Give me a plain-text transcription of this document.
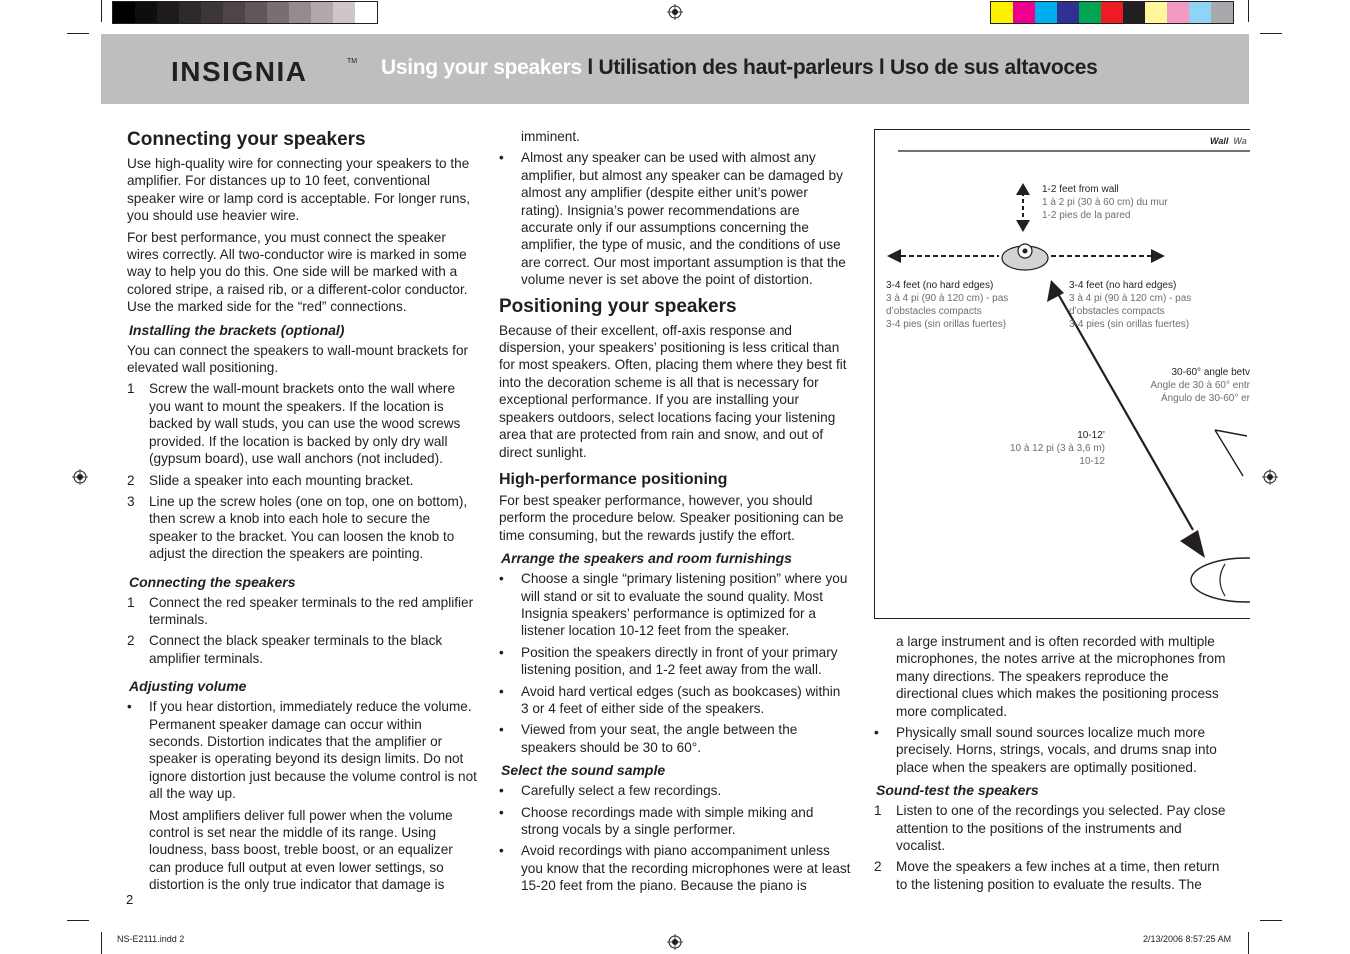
INSIGNIA	TM Using your speakers l Utilisation des haut-parleurs l Uso de sus altavoces
Connecting your speakers

Use high-quality wire for connecting your speakers to the amplifier. For distances up to 10 feet, conventional speaker wire or lamp cord is acceptable. For longer runs, you should use heavier wire.

For best performance, you must connect the speaker wires correctly. All two-conductor wire is marked in some way to help you do this. One side will be marked with a colored stripe, a raised rib, or a different-color conductor. Use the marked side for the “red” connections.

Installing the brackets (optional)

You can connect the speakers to wall-mount brackets for elevated wall positioning.

1 Screw the wall-mount brackets onto the wall where you want to mount the speakers. If the location is backed by wall studs, you can use the wood screws provided. If the location is backed by only dry wall (gypsum board), use wall anchors (not included).
2 Slide a speaker into each mounting bracket.
3 Line up the screw holes (one on top, one on bottom), then screw a knob into each hole to secure the speaker to the bracket. You can loosen the knob to adjust the direction the speakers are pointing.
Connecting the speakers
1 Connect the red speaker terminals to the red amplifier terminals.
2 Connect the black speaker terminals to the black amplifier terminals.
Adjusting volume
• If you hear distortion, immediately reduce the volume. Permanent speaker damage can occur within seconds. Distortion indicates that the amplifier or speaker is operating beyond its design limits. Do not ignore distortion just because the volume control is not all the way up.
Most amplifiers deliver full power when the volume control is set near the middle of its range. Using loudness, bass boost, treble boost, or an equalizer can produce full output at even lower settings, so distortion is the only true indicator that damage is
imminent.
• Almost any speaker can be used with almost any amplifier, but almost any speaker can be damaged by almost any amplifier (despite either unit’s power rating). Insignia’s power recommendations are accurate only if our assumptions concerning the amplifier, the type of music, and the conditions of use are correct. Our most important assumption is that the volume never is set above the point of distortion.
Positioning your speakers

Because of their excellent, off-axis response and dispersion, your speakers’ positioning is less critical than for most speakers. Often, placing them where they best fit into the decoration scheme is all that is necessary for exceptional performance. If you are installing your speakers outdoors, select locations facing your listening area that are protected from rain and snow, and out of direct sunlight.

High-performance positioning

For best speaker performance, however, you should perform the procedure below. Speaker positioning can be time consuming, but the rewards justify the effort.

Arrange the speakers and room furnishings
• Choose a single “primary listening position” where you will stand or sit to evaluate the sound quality. Most Insignia speakers’ performance is optimized for a listener location 10-12 feet from the speaker.
• Position the speakers directly in front of your primary listening position, and 1-2 feet away from the wall.
• Avoid hard vertical edges (such as bookcases) within 3 or 4 feet of either side of the speakers.
• Viewed from your seat, the angle between the speakers should be 30 to 60°.
Select the sound sample
• Carefully select a few recordings.
• Choose recordings made with simple miking and strong vocals by a single performer.
• Avoid recordings with piano accompaniment unless you know that the recording microphones were at least 15-20 feet from the piano. Because the piano is
Wall Wa
1-2 feet from wall
1 à 2 pi (30 à 60 cm) du mur
1-2 pies de la pared
3-4 feet (no hard edges)
3 à 4 pi (90 à 120 cm) - pas
d’obstacles compacts
3-4 pies (sin orillas fuertes)
3-4 feet (no hard edges)
3 à 4 pi (90 à 120 cm) - pas
d’obstacles compacts
3-4 pies (sin orillas fuertes)
30-60° angle betv
Angle de 30 à 60° entr
Ángulo de 30-60° er
10-12’
10 à 12 pi (3 à 3,6 m)
10-12
a large instrument and is often recorded with multiple microphones, the notes arrive at the microphones from many directions. The speakers reproduce the directional clues which makes the positioning process more complicated.
• Physically small sound sources localize much more precisely. Horns, strings, vocals, and drums snap into place when the speakers are optimally positioned.
Sound-test the speakers
1 Listen to one of the recordings you selected. Pay close attention to the positions of the instruments and vocalist.
2 Move the speakers a few inches at a time, then return to the listening position to evaluate the results. The
2
NS-E2111.indd 2	2/13/2006 8:57:25 AM
